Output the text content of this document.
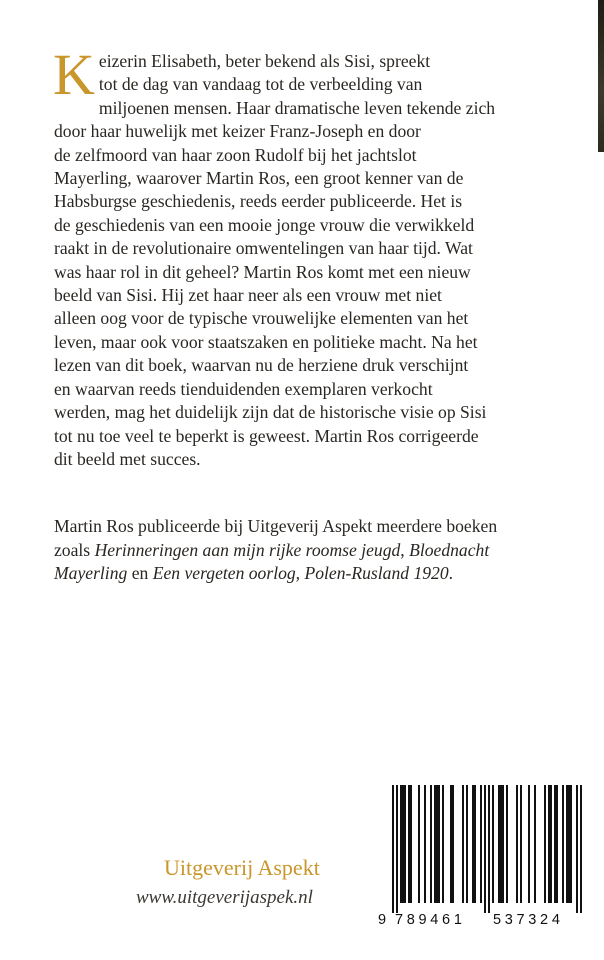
K eizerin Elisabeth, beter bekend als Sisi, spreekt
tot de dag van vandaag tot de verbeelding van
miljoenen mensen. Haar dramatische leven tekende zich
door haar huwelijk met keizer Franz-Joseph en door
de zelfmoord van haar zoon Rudolf bij het jachtslot
Mayerling, waarover Martin Ros, een groot kenner van de
Habsburgse geschiedenis, reeds eerder publiceerde. Het is
de geschiedenis van een mooie jonge vrouw die verwikkeld
raakt in de revolutionaire omwentelingen van haar tijd. Wat
was haar rol in dit geheel? Martin Ros komt met een nieuw
beeld van Sisi. Hij zet haar neer als een vrouw met niet
alleen oog voor de typische vrouwelijke elementen van het
leven, maar ook voor staatszaken en politieke macht. Na het
lezen van dit boek, waarvan nu de herziene druk verschijnt
en waarvan reeds tienduidenden exemplaren verkocht
werden, mag het duidelijk zijn dat de historische visie op Sisi
tot nu toe veel te beperkt is geweest. Martin Ros corrigeerde
dit beeld met succes.
Martin Ros publiceerde bij Uitgeverij Aspekt meerdere boeken
zoals Herinneringen aan mijn rijke roomse jeugd, Bloednacht
Mayerling en Een vergeten oorlog, Polen-Rusland 1920.

Uitgeverij Aspekt

www.uitgeverijaspek.nl

9 789461 537324
